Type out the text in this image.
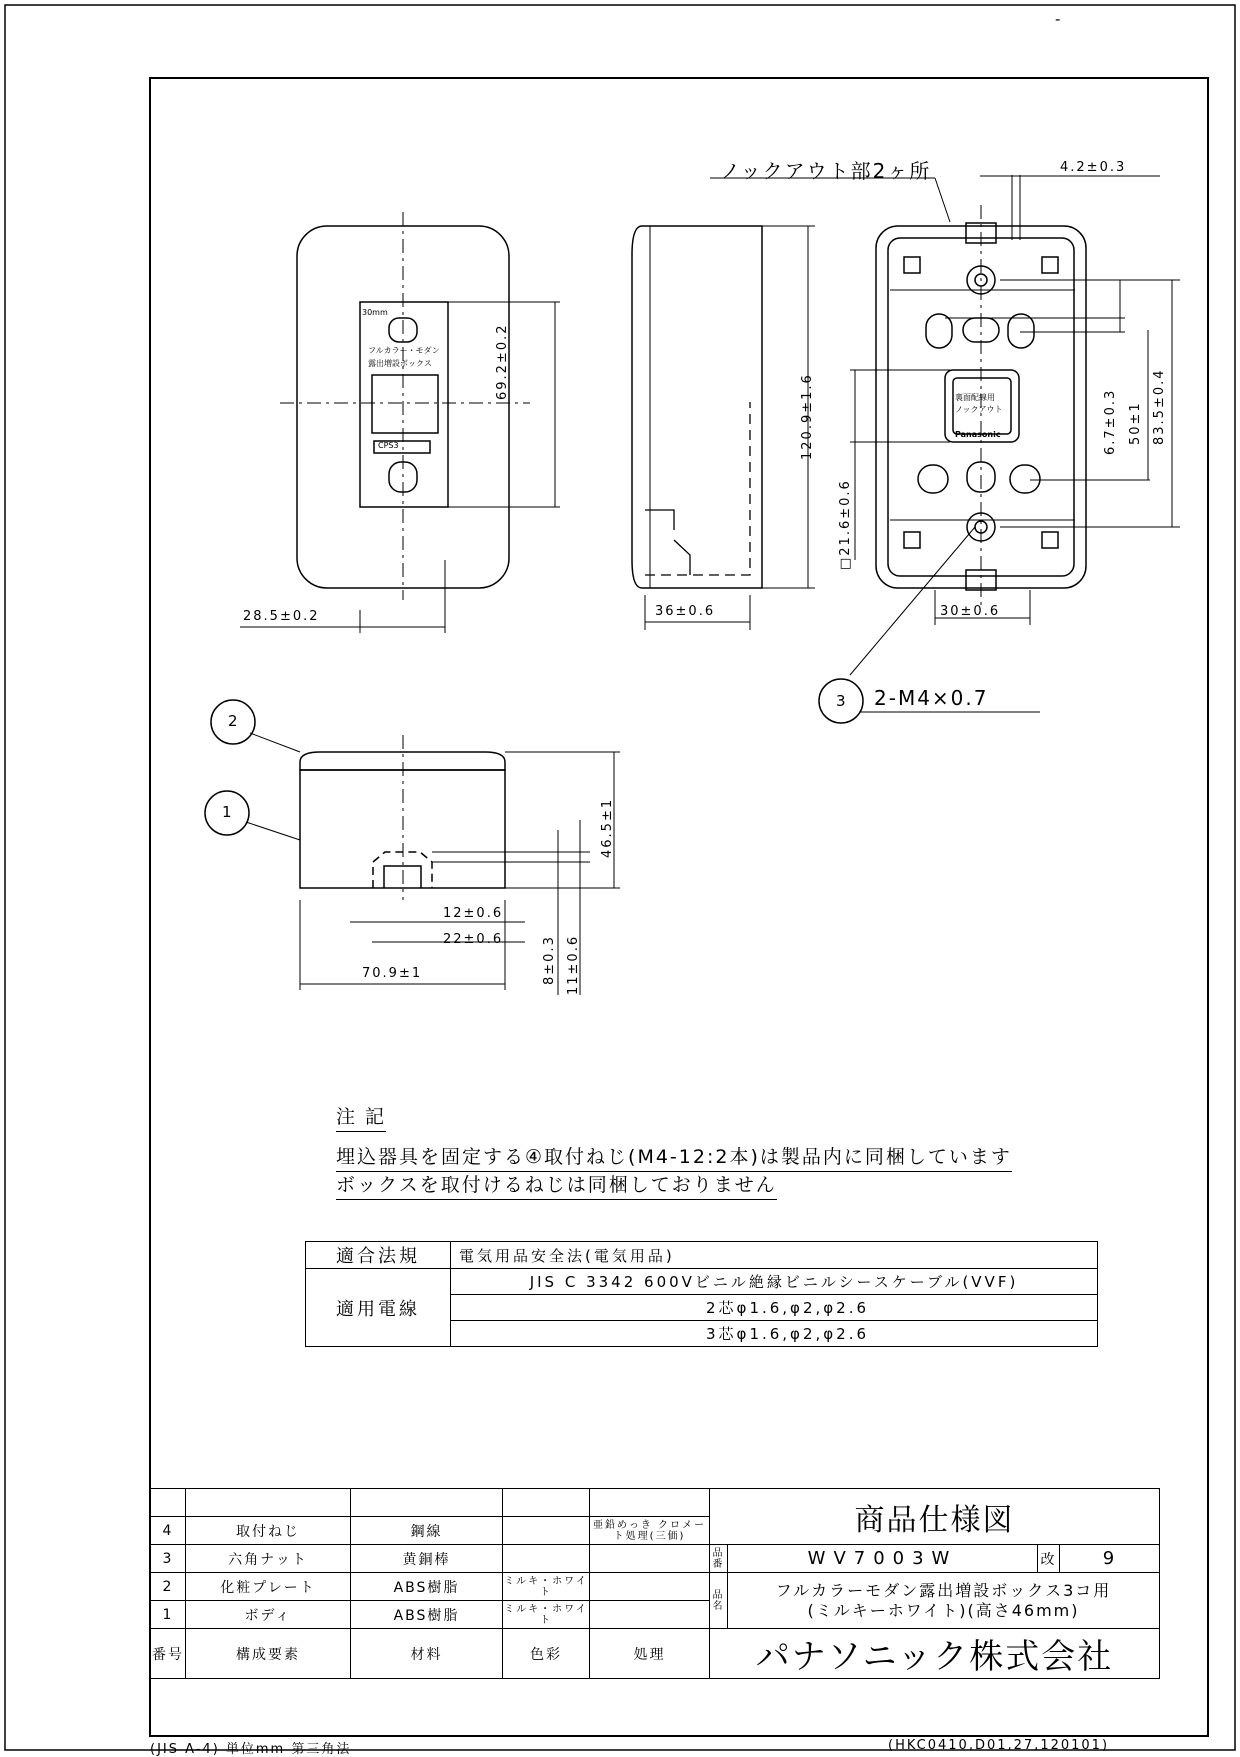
-
ノックアウト部2ヶ所	4.2±0.3
30mm
フルカラー・モダン
露出増設ボックス
CPS3
裏面配線用
ノックアウト
Panasonic
69.2±0.2
120.9±1.6
□21.6±0.6
6.7±0.3 50±1 83.5±0.4
28.5±0.2	36±0.6	30±0.6
3 2-M4×0.7
2
1	46.5±1
12±0.6
22±0.6	8±0.3 11±0.6
70.9±1
注 記
埋込器具を固定する④取付ねじ(M4-12:2本)は製品内に同梱しています
ボックスを取付けるねじは同梱しておりません
適合法規	電気用品安全法(電気用品)
適用電線	JIS C 3342 600Vビニル絶縁ビニルシースケーブル(VVF)
	2芯φ1.6,φ2,φ2.6
	3芯φ1.6,φ2,φ2.6
					商品仕様図			
4	取付ねじ	鋼線		亜鉛めっき クロメート処理(三価)				
3	六角ナット	黄銅棒			品番	WV7003W	改	9
2	化粧プレート	ABS樹脂	ミルキ・ホワイト		品名	フルカラーモダン露出増設ボックス3コ用
(ミルキーホワイト)(高さ46mm)		

1	ボディ	ABS樹脂	ミルキ・ホワイト					
番号	構成要素	材料	色彩	処理	パナソニック株式会社			
(JIS A-4) 単位mm 第三角法	(HKC0410,D01,27,120101)
